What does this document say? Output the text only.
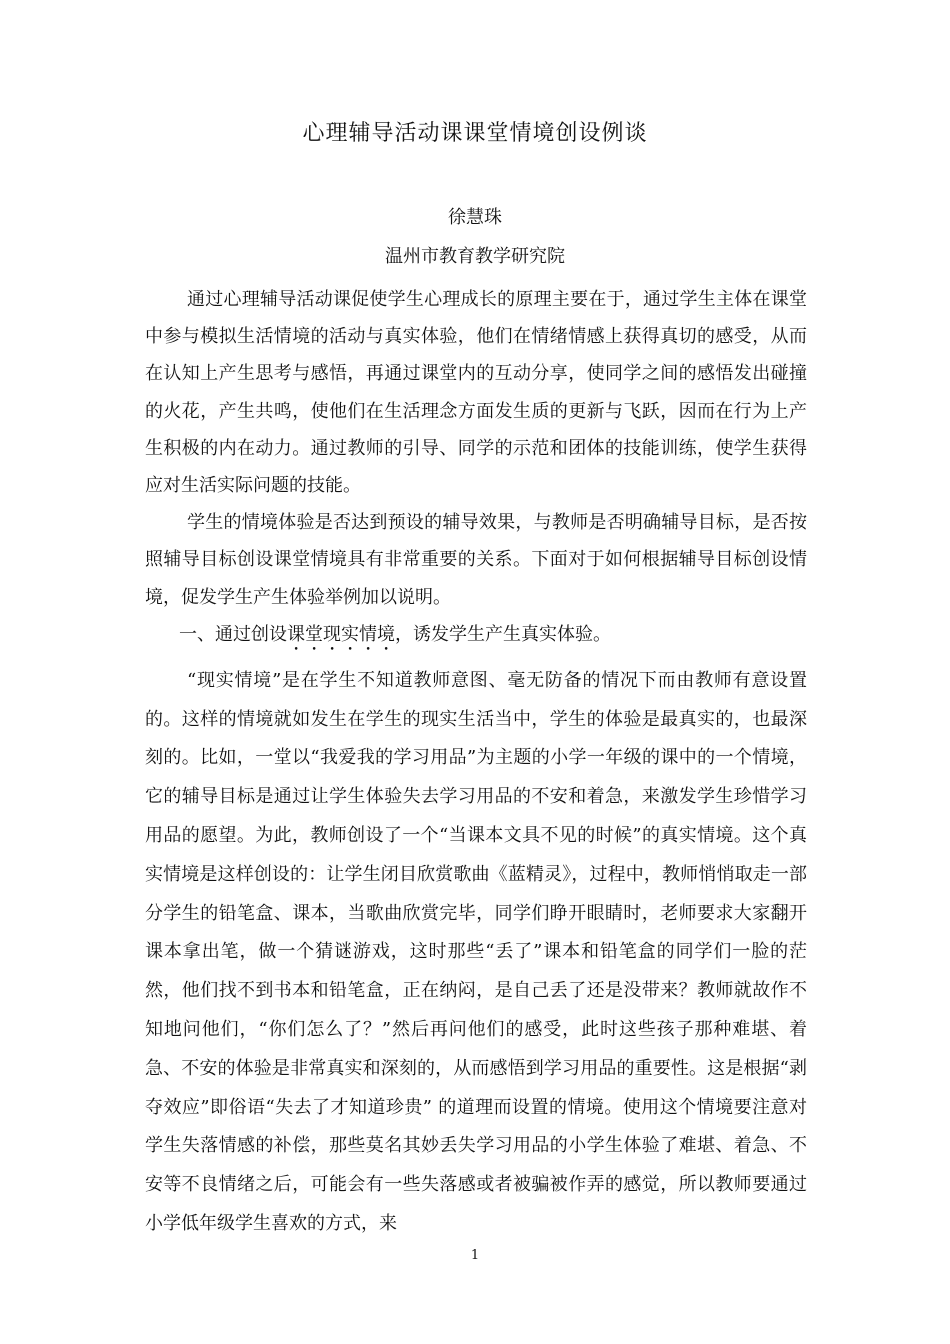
心理辅导活动课课堂情境创设例谈
徐慧珠
温州市教育教学研究院

通过心理辅导活动课促使学生心理成长的原理主要在于，通过学生主体在课堂中参与模拟生活情境的活动与真实体验，他们在情绪情感上获得真切的感受，从而在认知上产生思考与感悟，再通过课堂内的互动分享，使同学之间的感悟发出碰撞的火花，产生共鸣，使他们在生活理念方面发生质的更新与飞跃，因而在行为上产生积极的内在动力。通过教师的引导、同学的示范和团体的技能训练，使学生获得应对生活实际问题的技能。

学生的情境体验是否达到预设的辅导效果，与教师是否明确辅导目标，是否按照辅导目标创设课堂情境具有非常重要的关系。下面对于如何根据辅导目标创设情境，促发学生产生体验举例加以说明。

一、通过创设课堂现实情境，诱发学生产生真实体验。

“现实情境”是在学生不知道教师意图、毫无防备的情况下而由教师有意设置的。这样的情境就如发生在学生的现实生活当中，学生的体验是最真实的，也最深刻的。比如，一堂以“我爱我的学习用品”为主题的小学一年级的课中的一个情境，它的辅导目标是通过让学生体验失去学习用品的不安和着急，来激发学生珍惜学习用品的愿望。为此，教师创设了一个“当课本文具不见的时候”的真实情境。这个真实情境是这样创设的：让学生闭目欣赏歌曲《蓝精灵》，过程中，教师悄悄取走一部分学生的铅笔盒、课本，当歌曲欣赏完毕，同学们睁开眼睛时，老师要求大家翻开课本拿出笔，做一个猜谜游戏，这时那些“丢了”课本和铅笔盒的同学们一脸的茫然，他们找不到书本和铅笔盒，正在纳闷，是自己丢了还是没带来？教师就故作不知地问他们，“你们怎么了？”然后再问他们的感受，此时这些孩子那种难堪、着急、不安的体验是非常真实和深刻的，从而感悟到学习用品的重要性。这是根据“剥夺效应”即俗语“失去了才知道珍贵” 的道理而设置的情境。使用这个情境要注意对学生失落情感的补偿，那些莫名其妙丢失学习用品的小学生体验了难堪、着急、不安等不良情绪之后，可能会有一些失落感或者被骗被作弄的感觉，所以教师要通过小学低年级学生喜欢的方式，来

1
